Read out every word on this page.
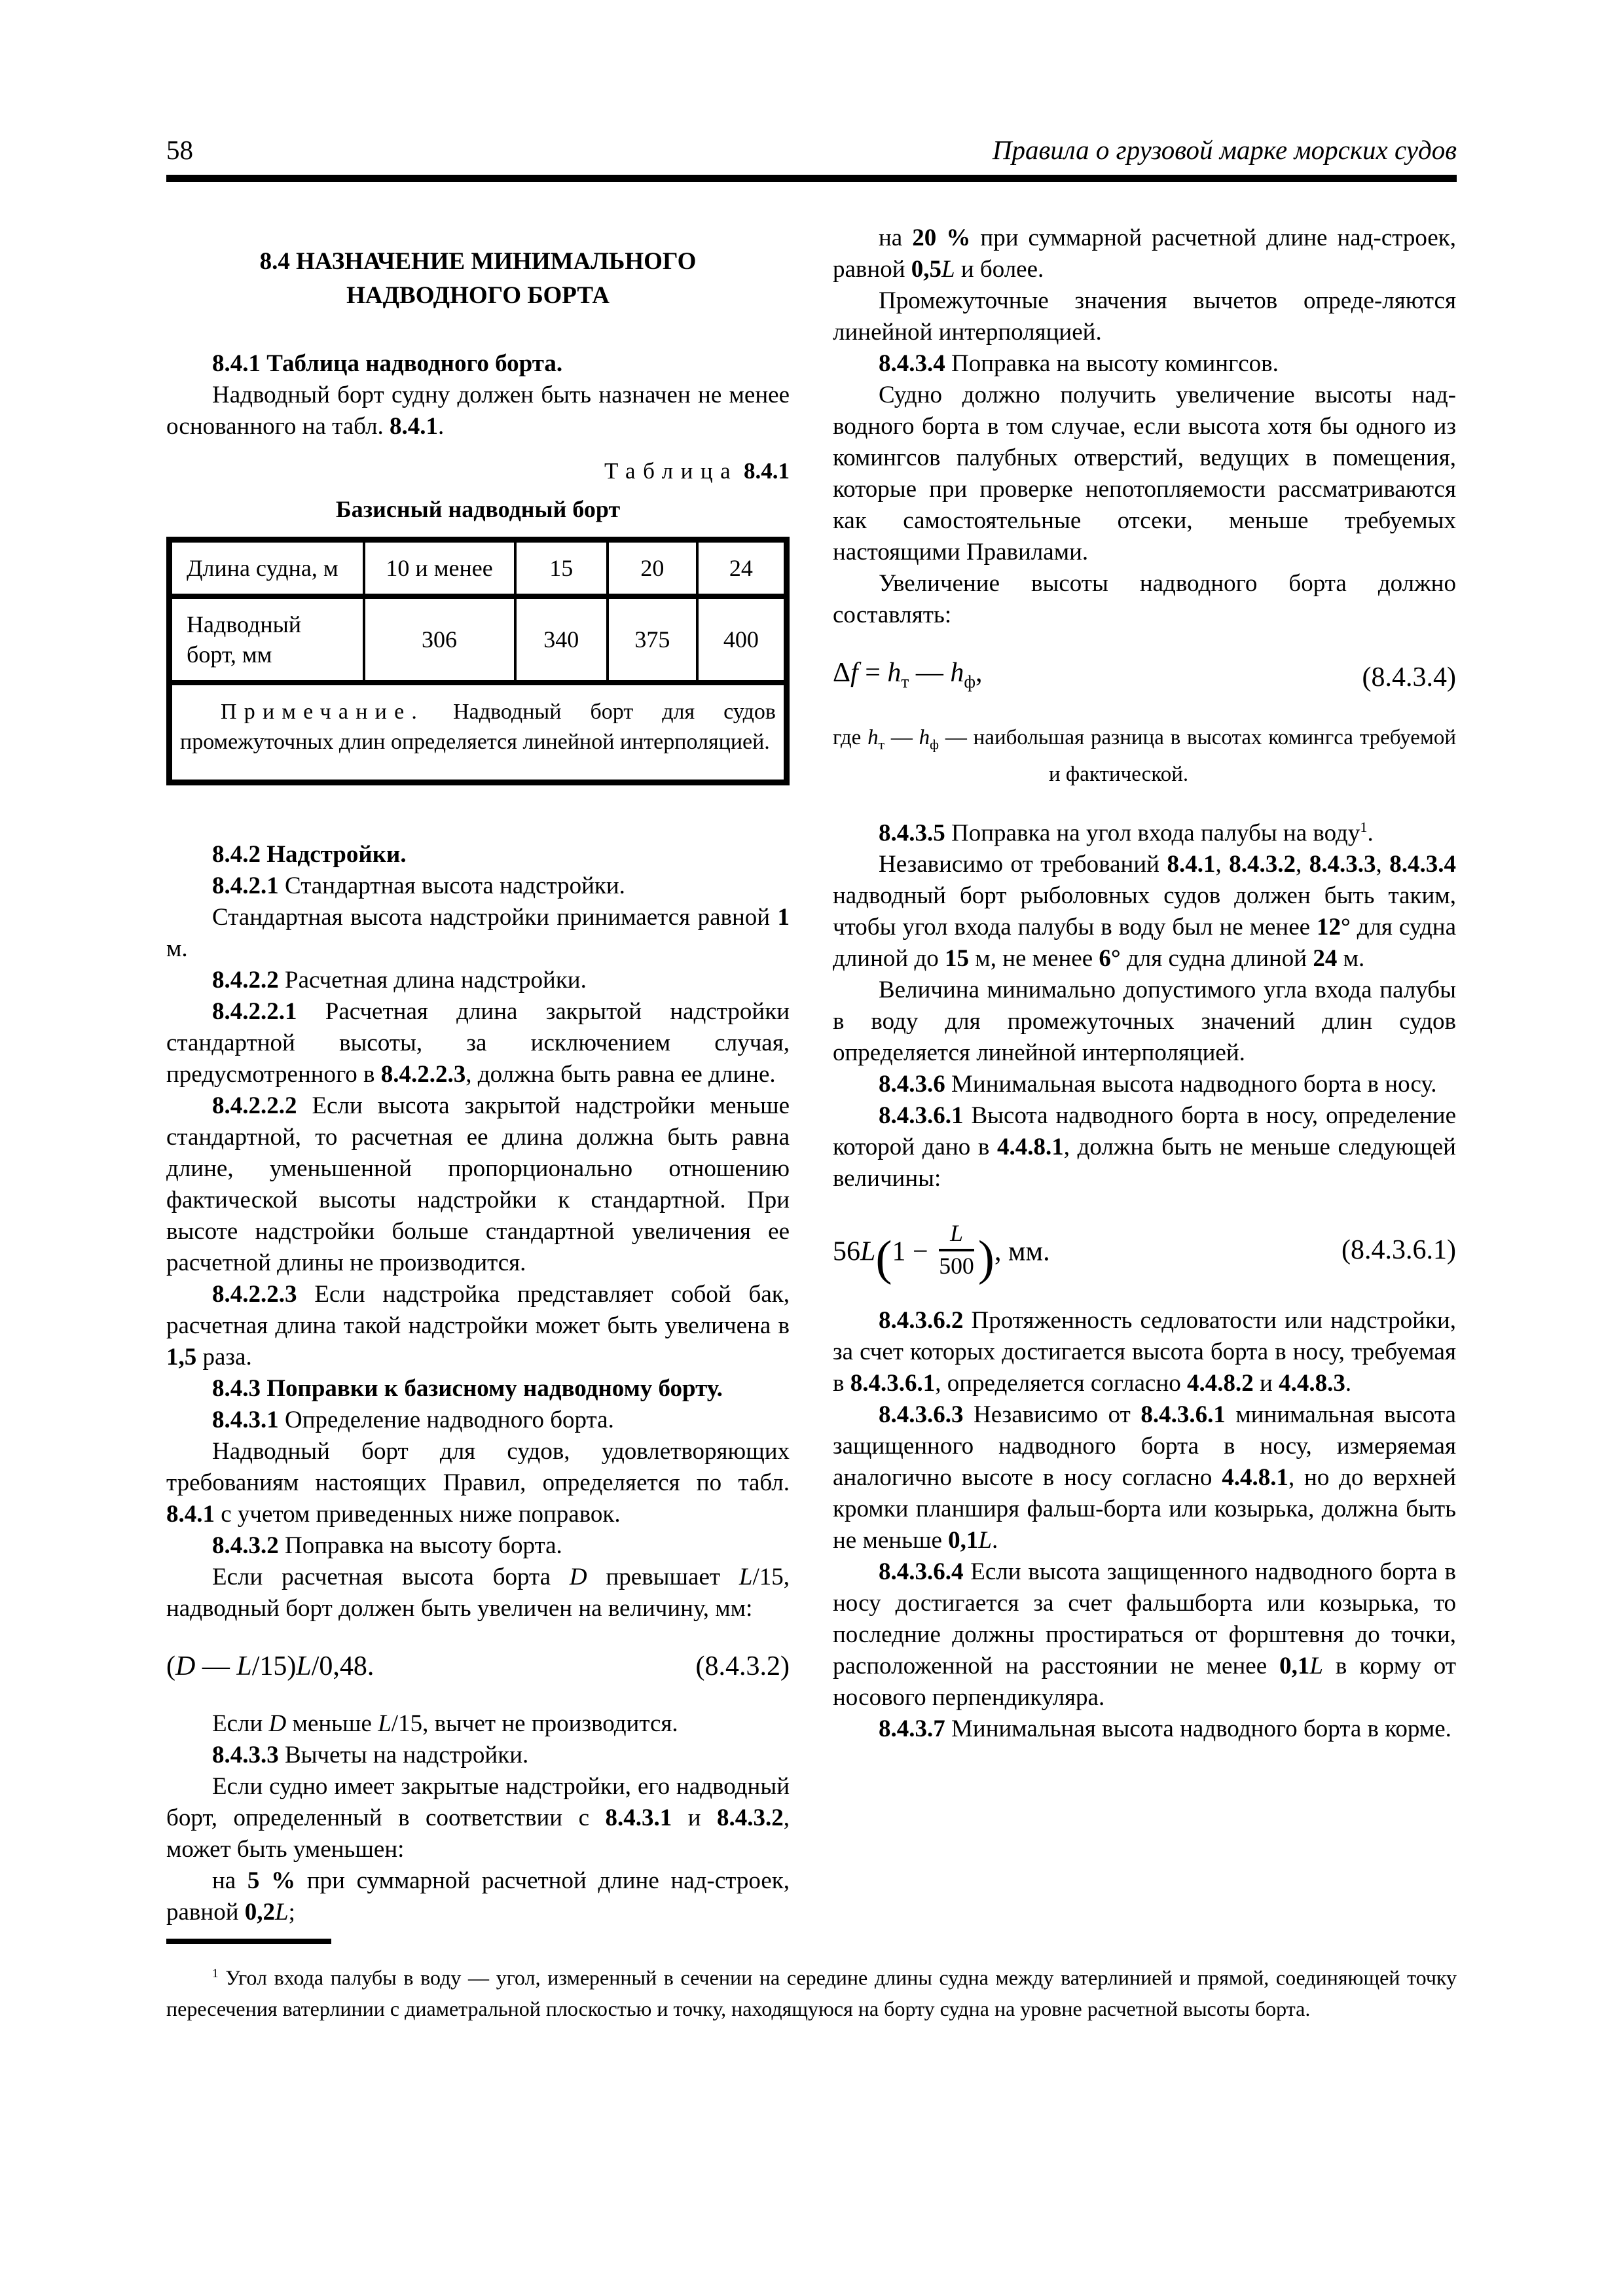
58	Правила о грузовой марке морских судов
8.4 НАЗНАЧЕНИЕ МИНИМАЛЬНОГО
НАДВОДНОГО БОРТА

8.4.1 Таблица надводного борта.

Надводный борт судну должен быть назначен не менее основанного на табл. 8.4.1.

Таблица 8.4.1
Базисный надводный борт
Длина судна, м	10 и менее	15	20	24
Надводный борт, мм	306	340	375	400
Примечание. Надводный борт для судов промежуточных длин определяется линейной интерполяцией.				

8.4.2 Надстройки.

8.4.2.1 Стандартная высота надстройки.

Стандартная высота надстройки принимается равной 1 м.

8.4.2.2 Расчетная длина надстройки.

8.4.2.2.1 Расчетная длина закрытой надстройки стандартной высоты, за исключением случая, предусмотренного в 8.4.2.2.3, должна быть равна ее длине.

8.4.2.2.2 Если высота закрытой надстройки меньше стандартной, то расчетная ее длина должна быть равна длине, уменьшенной пропорционально отношению фактической высоты надстройки к стандартной. При высоте надстройки больше стандартной увеличения ее расчетной длины не производится.

8.4.2.2.3 Если надстройка представляет собой бак, расчетная длина такой надстройки может быть увеличена в 1,5 раза.

8.4.3 Поправки к базисному надводному борту.

8.4.3.1 Определение надводного борта.

Надводный борт для судов, удовлетворяющих требованиям настоящих Правил, определяется по табл. 8.4.1 с учетом приведенных ниже поправок.

8.4.3.2 Поправка на высоту борта.

Если расчетная высота борта D превышает L/15, надводный борт должен быть увеличен на величину, мм:

(D — L/15)L/0,48.	(8.4.3.2)

Если D меньше L/15, вычет не производится.

8.4.3.3 Вычеты на надстройки.

Если судно имеет закрытые надстройки, его надводный борт, определенный в соответствии с 8.4.3.1 и 8.4.3.2, может быть уменьшен:

на 5 % при суммарной расчетной длине над-строек, равной 0,2L;

на 20 % при суммарной расчетной длине над-строек, равной 0,5L и более.

Промежуточные значения вычетов опреде-ляются линейной интерполяцией.

8.4.3.4 Поправка на высоту комингсов.

Судно должно получить увеличение высоты над-водного борта в том случае, если высота хотя бы одного из комингсов палубных отверстий, ведущих в помещения, которые при проверке непотопляемости рассматриваются как самостоятельные отсеки, меньше требуемых настоящими Правилами.

Увеличение высоты надводного борта должно составлять:

$\Delta f = h_т$ — $h_ф$,	(8.4.3.4)

где $h_т$ — $h_ф$ — наибольшая разница в высотах комингса требуемой и фактической.

8.4.3.5 Поправка на угол входа палубы на воду$^1$.

Независимо от требований 8.4.1, 8.4.3.2, 8.4.3.3, 8.4.3.4 надводный борт рыболовных судов должен быть таким, чтобы угол входа палубы в воду был не менее 12° для судна длиной до 15 м, не менее 6° для судна длиной 24 м.

Величина минимально допустимого угла входа палубы в воду для промежуточных значений длин судов определяется линейной интерполяцией.

8.4.3.6 Минимальная высота надводного борта в носу.

8.4.3.6.1 Высота надводного борта в носу, определение которой дано в 4.4.8.1, должна быть не меньше следующей величины:

$56L(1 - \frac{L}{500}$ ), мм.	(8.4.3.6.1)

8.4.3.6.2 Протяженность седловатости или надстройки, за счет которых достигается высота борта в носу, требуемая в 8.4.3.6.1, определяется согласно 4.4.8.2 и 4.4.8.3.

8.4.3.6.3 Независимо от 8.4.3.6.1 минимальная высота защищенного надводного борта в носу, измеряемая аналогично высоте в носу согласно 4.4.8.1, но до верхней кромки планширя фальш-борта или козырька, должна быть не меньше 0,1L.

8.4.3.6.4 Если высота защищенного надводного борта в носу достигается за счет фальшборта или козырька, то последние должны простираться от форштевня до точки, расположенной на расстоянии не менее 0,1L в корму от носового перпендикуляра.

8.4.3.7 Минимальная высота надводного борта в корме.

$^1$ Угол входа палубы в воду — угол, измеренный в сечении на середине длины судна между ватерлинией и прямой, соединяющей точку пересечения ватерлинии с диаметральной плоскостью и точку, находящуюся на борту судна на уровне расчетной высоты борта.
